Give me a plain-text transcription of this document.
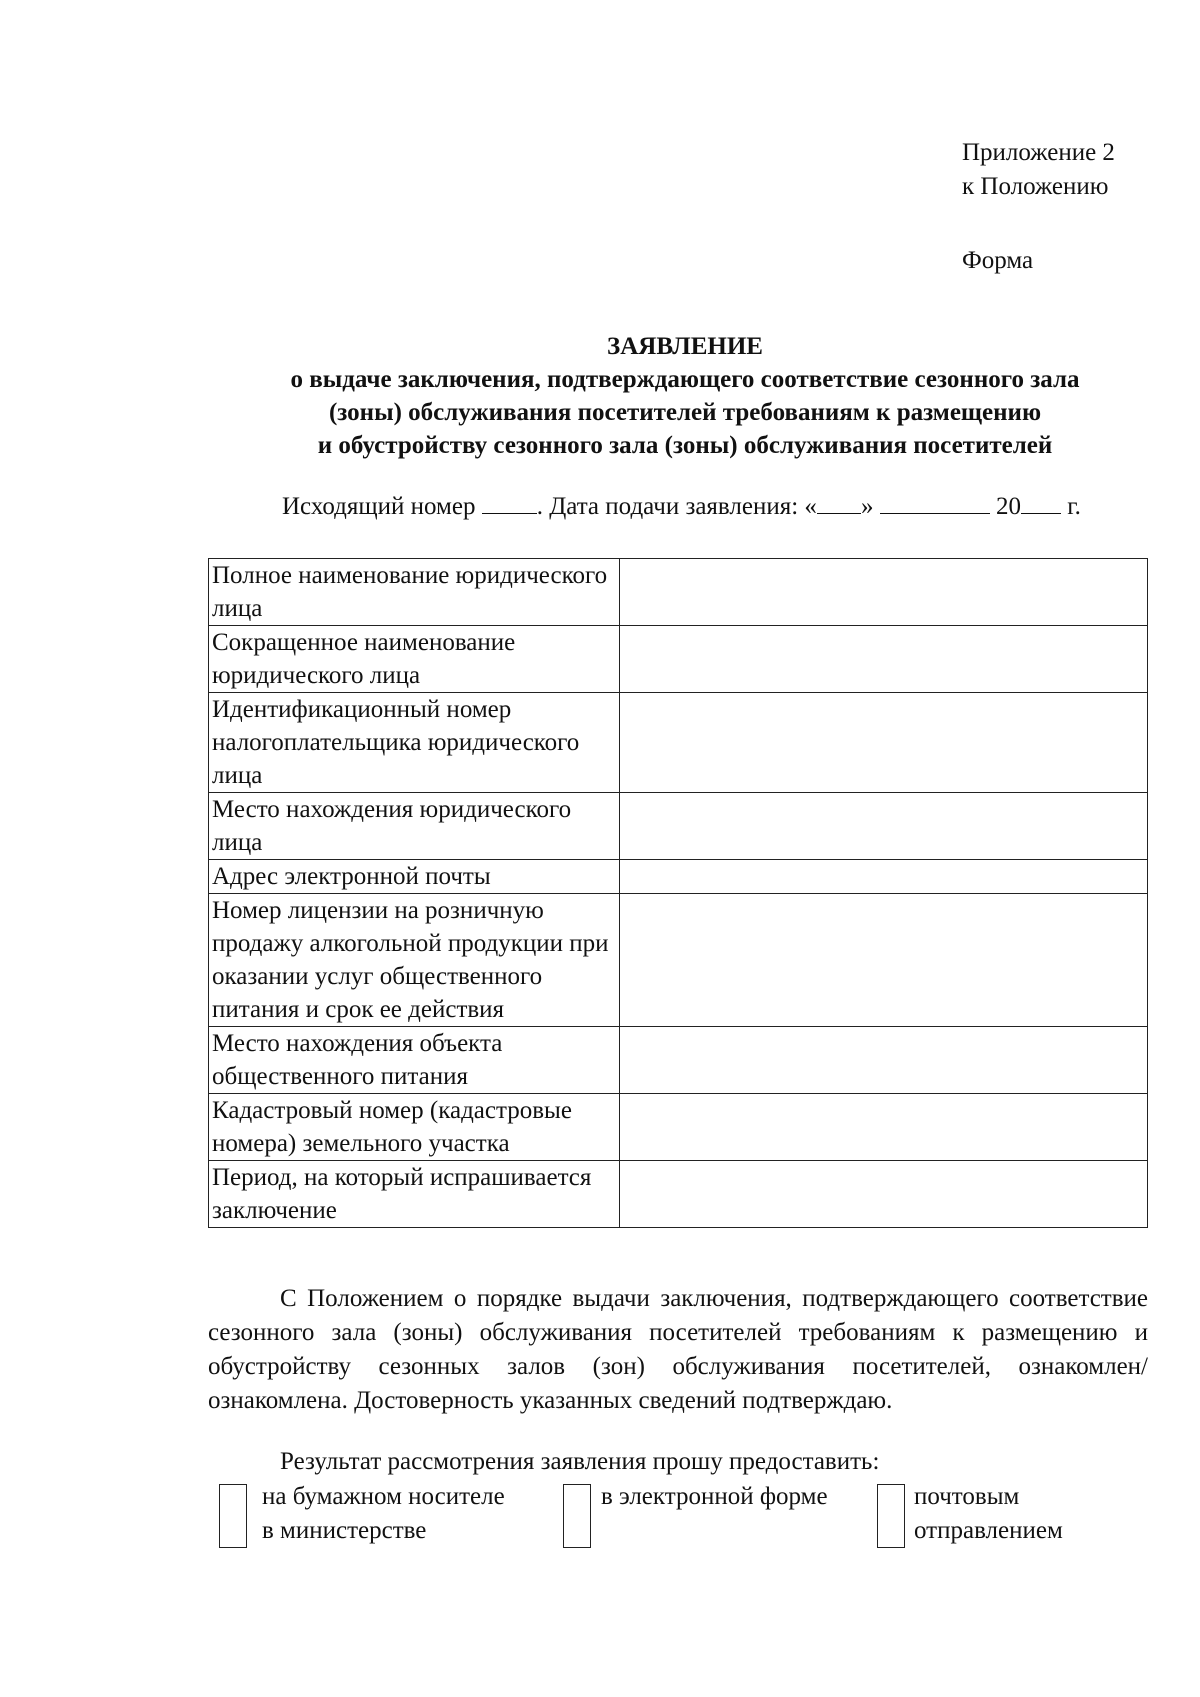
Приложение 2
к Положению
Форма
ЗАЯВЛЕНИЕ
о выдаче заключения, подтверждающего соответствие сезонного зала
(зоны) обслуживания посетителей требованиям к размещению
и обустройству сезонного зала (зоны) обслуживания посетителей
Исходящий номер . Дата подачи заявления: « »	20 г.
Полное наименование юридического лица	
Сокращенное наименование юридического лица	
Идентификационный номер налогоплательщика юридического лица	
Место нахождения юридического лица	
Адрес электронной почты	
Номер лицензии на розничную продажу алкогольной продукции при оказании услуг общественного питания и срок ее действия	
Место нахождения объекта общественного питания	
Кадастровый номер (кадастровые номера) земельного участка	
Период, на который испрашивается заключение	
С Положением о порядке выдачи заключения, подтверждающего соответствие сезонного зала (зоны) обслуживания посетителей требованиям к размещению и обустройству сезонных залов (зон) обслуживания посетителей, ознакомлен/ознакомлена. Достоверность указанных сведений подтверждаю.
Результат рассмотрения заявления прошу предоставить:
на бумажном носителе
в министерстве
в электронной форме	почтовым
отправлением
